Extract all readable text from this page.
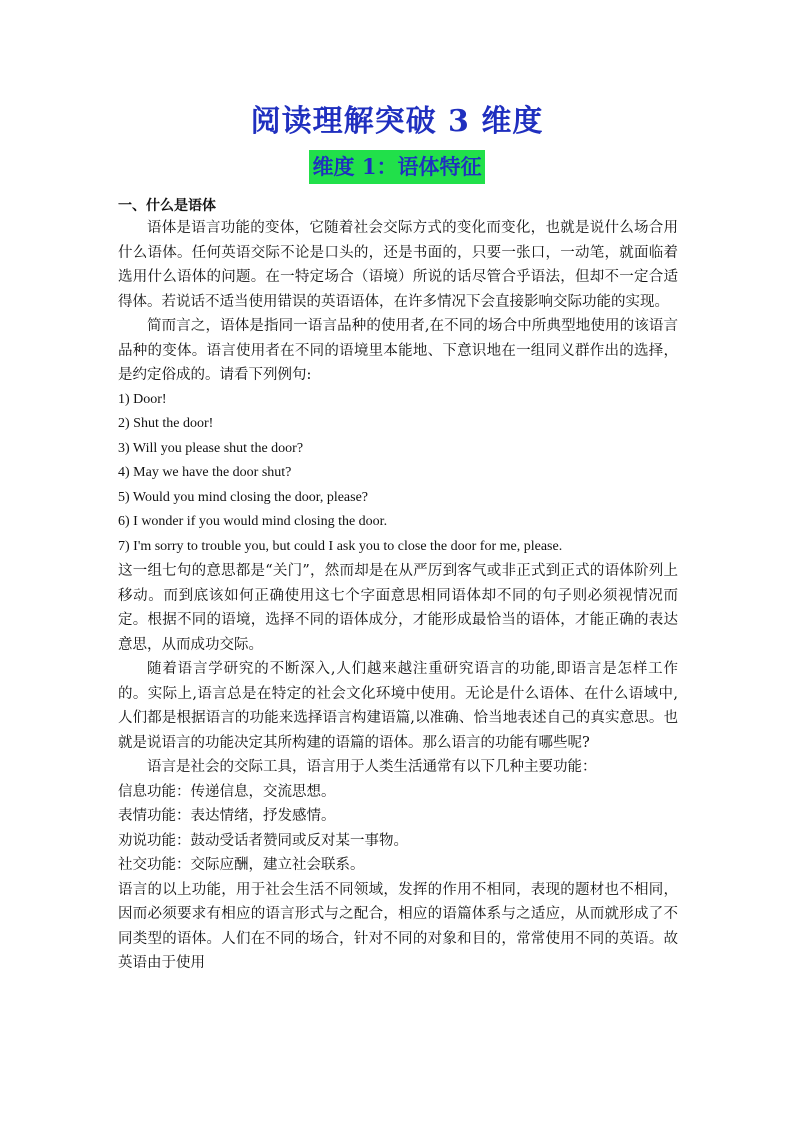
阅读理解突破 3 维度
维度 1：语体特征
一、什么是语体

语体是语言功能的变体，它随着社会交际方式的变化而变化，也就是说什么场合用什么语体。任何英语交际不论是口头的，还是书面的，只要一张口，一动笔，就面临着选用什么语体的问题。在一特定场合（语境）所说的话尽管合乎语法，但却不一定合适得体。若说话不适当使用错误的英语语体，在许多情况下会直接影响交际功能的实现。

简而言之，语体是指同一语言品种的使用者,在不同的场合中所典型地使用的该语言品种的变体。语言使用者在不同的语境里本能地、下意识地在一组同义群作出的选择，是约定俗成的。请看下列例句:

1) Door!

2) Shut the door!

3) Will you please shut the door?

4) May we have the door shut?

5) Would you mind closing the door, please?

6) I wonder if you would mind closing the door.

7) I'm sorry to trouble you, but could I ask you to close the door for me, please.

这一组七句的意思都是“关门”，然而却是在从严厉到客气或非正式到正式的语体阶列上移动。而到底该如何正确使用这七个字面意思相同语体却不同的句子则必须视情况而定。根据不同的语境，选择不同的语体成分，才能形成最恰当的语体，才能正确的表达意思，从而成功交际。

随着语言学研究的不断深入,人们越来越注重研究语言的功能,即语言是怎样工作的。实际上,语言总是在特定的社会文化环境中使用。无论是什么语体、在什么语域中,人们都是根据语言的功能来选择语言构建语篇,以准确、恰当地表述自己的真实意思。也就是说语言的功能决定其所构建的语篇的语体。那么语言的功能有哪些呢?

语言是社会的交际工具，语言用于人类生活通常有以下几种主要功能：

信息功能：传递信息，交流思想。

表情功能：表达情绪，抒发感情。

劝说功能：鼓动受话者赞同或反对某一事物。

社交功能：交际应酬，建立社会联系。

语言的以上功能，用于社会生活不同领域，发挥的作用不相同，表现的题材也不相同，因而必须要求有相应的语言形式与之配合，相应的语篇体系与之适应，从而就形成了不同类型的语体。人们在不同的场合，针对不同的对象和目的，常常使用不同的英语。故英语由于使用
